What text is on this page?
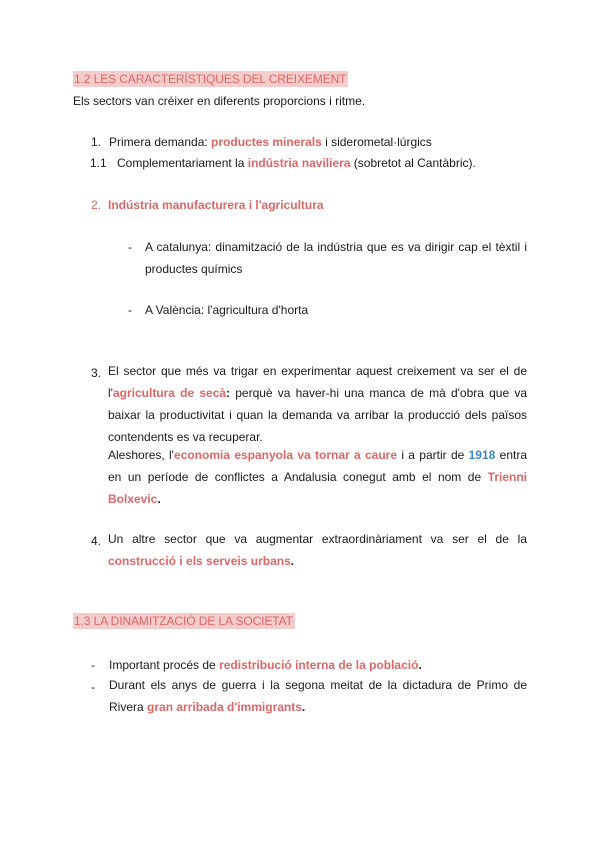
1.2 LES CARACTERÍSTIQUES DEL CREIXEMENT
Els sectors van créixer en diferents proporcions i ritme.
1. Primera demanda: productes minerals i siderometal·lúrgics
1.1 Complementariament la indústria naviliera (sobretot al Cantàbric).
2. Indústria manufacturera i l'agricultura
- A catalunya: dinamització de la indústria que es va dirigir cap el tèxtil i productes químics
- A València: l'agricultura d'horta
3. El sector que més va trigar en experimentar aquest creixement va ser el de l'agricultura de secà: perquè va haver-hi una manca de mà d'obra que va baixar la productivitat i quan la demanda va arribar la producció dels països contendents es va recuperar.
Aleshores, l'economia espanyola va tornar a caure i a partir de 1918 entra en un període de conflictes a Andalusia conegut amb el nom de Trienni Bolxevic.
4. Un altre sector que va augmentar extraordinàriament va ser el de la construcció i els serveis urbans.
1.3 LA DINAMITZACIÓ DE LA SOCIETAT
- Important procés de redistribució interna de la població.
- Durant els anys de guerra i la segona meitat de la dictadura de Primo de Rivera gran arribada d'immigrants.
